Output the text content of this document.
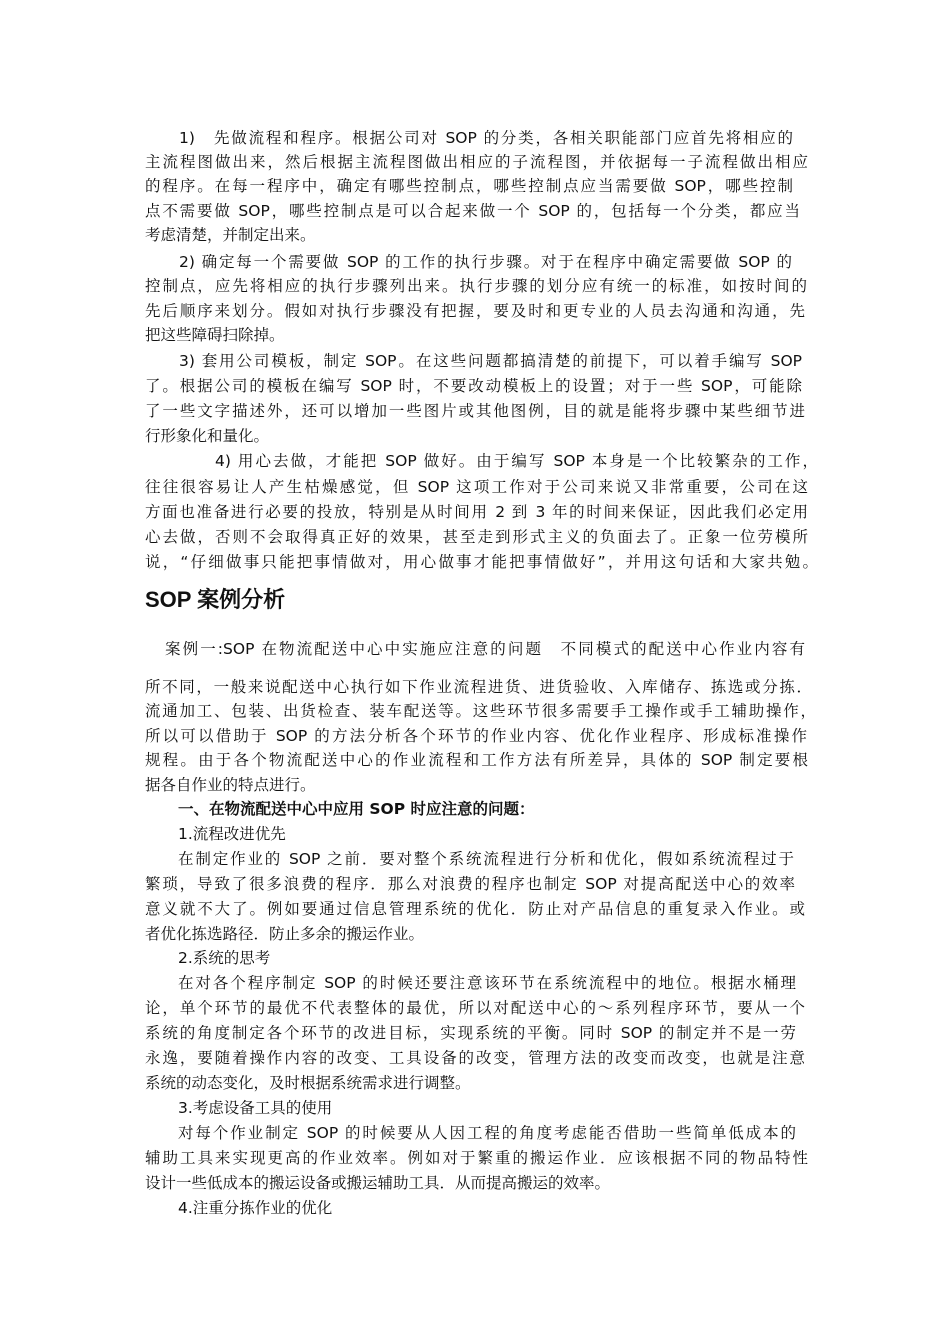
1)　先做流程和程序。根据公司对 SOP 的分类，各相关职能部门应首先将相应的
主流程图做出来，然后根据主流程图做出相应的子流程图，并依据每一子流程做出相应
的程序。在每一程序中，确定有哪些控制点，哪些控制点应当需要做 SOP，哪些控制
点不需要做 SOP，哪些控制点是可以合起来做一个 SOP 的，包括每一个分类，都应当
考虑清楚，并制定出来。
2) 确定每一个需要做 SOP 的工作的执行步骤。对于在程序中确定需要做 SOP 的
控制点，应先将相应的执行步骤列出来。执行步骤的划分应有统一的标准，如按时间的
先后顺序来划分。假如对执行步骤没有把握，要及时和更专业的人员去沟通和沟通，先
把这些障碍扫除掉。
3) 套用公司模板，制定 SOP。在这些问题都搞清楚的前提下，可以着手编写 SOP
了。根据公司的模板在编写 SOP 时，不要改动模板上的设置；对于一些 SOP，可能除
了一些文字描述外，还可以增加一些图片或其他图例，目的就是能将步骤中某些细节进
行形象化和量化。
4) 用心去做，才能把 SOP 做好。由于编写 SOP 本身是一个比较繁杂的工作，
往往很容易让人产生枯燥感觉，但 SOP 这项工作对于公司来说又非常重要，公司在这
方面也准备进行必要的投放，特别是从时间用 2 到 3 年的时间来保证，因此我们必定用
心去做，否则不会取得真正好的效果，甚至走到形式主义的负面去了。正象一位劳模所
说，“仔细做事只能把事情做对，用心做事才能把事情做好”，并用这句话和大家共勉。
SOP 案例分析
案例一:SOP 在物流配送中心中实施应注意的问题　不同模式的配送中心作业内容有
所不同，一般来说配送中心执行如下作业流程进货、进货验收、入库储存、拣选或分拣．
流通加工、包装、出货检查、装车配送等。这些环节很多需要手工操作或手工辅助操作，
所以可以借助于 SOP 的方法分析各个环节的作业内容、优化作业程序、形成标准操作
规程。由于各个物流配送中心的作业流程和工作方法有所差异，具体的 SOP 制定要根
据各自作业的特点进行。
一、在物流配送中心中应用 SOP 时应注意的问题：
1.流程改进优先
在制定作业的 SOP 之前．要对整个系统流程进行分析和优化，假如系统流程过于
繁琐，导致了很多浪费的程序．那么对浪费的程序也制定 SOP 对提高配送中心的效率
意义就不大了。例如要通过信息管理系统的优化．防止对产品信息的重复录入作业。或
者优化拣选路径．防止多余的搬运作业。
2.系统的思考
在对各个程序制定 SOP 的时候还要注意该环节在系统流程中的地位。根据水桶理
论，单个环节的最优不代表整体的最优，所以对配送中心的～系列程序环节，要从一个
系统的角度制定各个环节的改进目标，实现系统的平衡。同时 SOP 的制定并不是一劳
永逸，要随着操作内容的改变、工具设备的改变，管理方法的改变而改变，也就是注意
系统的动态变化，及时根据系统需求进行调整。
3.考虑设备工具的使用
对每个作业制定 SOP 的时候要从人因工程的角度考虑能否借助一些简单低成本的
辅助工具来实现更高的作业效率。例如对于繁重的搬运作业．应该根据不同的物品特性
设计一些低成本的搬运设备或搬运辅助工具．从而提高搬运的效率。
4.注重分拣作业的优化
